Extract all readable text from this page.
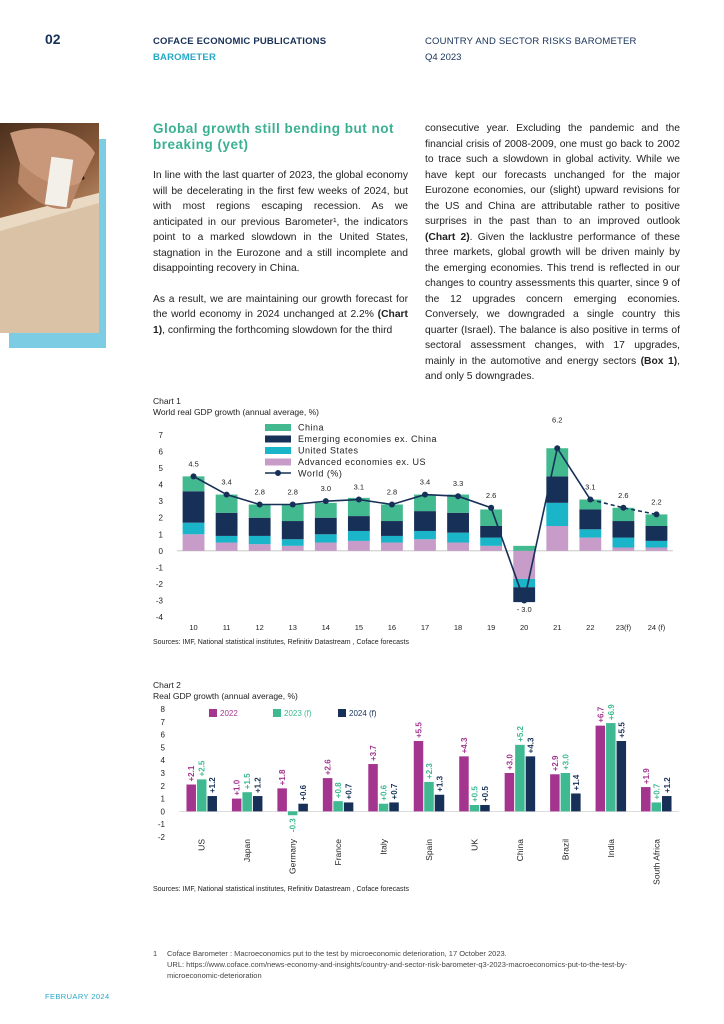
02	COFACE ECONOMIC PUBLICATIONS
BAROMETER
COUNTRY AND SECTOR RISKS BAROMETER
Q4 2023
Global growth still bending but not breaking (yet)
In line with the last quarter of 2023, the global economy will be decelerating in the first few weeks of 2024, but with most regions escaping recession. As we anticipated in our previous Barometer¹, the indicators point to a marked slowdown in the United States, stagnation in the Eurozone and a still incomplete and disappointing recovery in China.
As a result, we are maintaining our growth forecast for the world economy in 2024 unchanged at 2.2% (Chart 1), confirming the forthcoming slowdown for the third
consecutive year. Excluding the pandemic and the financial crisis of 2008-2009, one must go back to 2002 to trace such a slowdown in global activity. While we have kept our forecasts unchanged for the major Eurozone economies, our (slight) upward revisions for the US and China are attributable rather to positive surprises in the past than to an improved outlook (Chart 2). Given the lacklustre performance of these three markets, global growth will be driven mainly by the emerging economies. This trend is reflected in our changes to country assessments this quarter, since 9 of the 12 upgrades concern emerging economies. Conversely, we downgraded a single country this quarter (Israel). The balance is also positive in terms of sectoral assessment changes, with 17 upgrades, mainly in the automotive and energy sectors (Box 1), and only 5 downgrades.
Chart 1
World real GDP growth (annual average, %)
7
6
5
4
3
2
1
0
-1
-2
-3
-4
10	11	12	13	14	15	16	17	18	19	20	21	22	23(f) 24 (f)
4.5
3.4
2.8	2.8	3.0	3.1
2.8
3.4	3.3
2.6
- 3.0
6.2
3.1
2.6
2.2
China
Emerging economies ex. China
United States
Advanced economies ex. US
World (%)
Sources: IMF, National statistical institutes, Refinitiv Datastream , Coface forecasts
Chart 2
Real GDP growth (annual average, %)
8
7
6
5
4
3
2
1
0
-1
-2
+2.1 +2.5
+1.2
US
+1.0 +1.5 +1.2
Japan
+1.8
-0.3
+0.6
Germany
+2.6
+0.8 +0.7
France
+3.7
+0.6 +0.7
Italy
+5.5
+2.3
+1.3
Spain
+4.3
+0.5 +0.5
UK
+3.0
+5.2
+4.3
China
+2.9 +3.0
+1.4
Brazil
+6.7 +6.9
+5.5
India
+1.9
+0.7 +1.2
South Africa
2022	2023 (f)	2024 (f)
Sources: IMF, National statistical institutes, Refinitiv Datastream , Coface forecasts
1	Coface Barometer : Macroeconomics put to the test by microeconomic deterioration, 17 October 2023.
URL: https://www.coface.com/news-economy-and-insights/country-and-sector-risk-barometer-q3-2023-macroeconomics-put-to-the-test-by-microeconomic-deterioration
FEBRUARY 2024
